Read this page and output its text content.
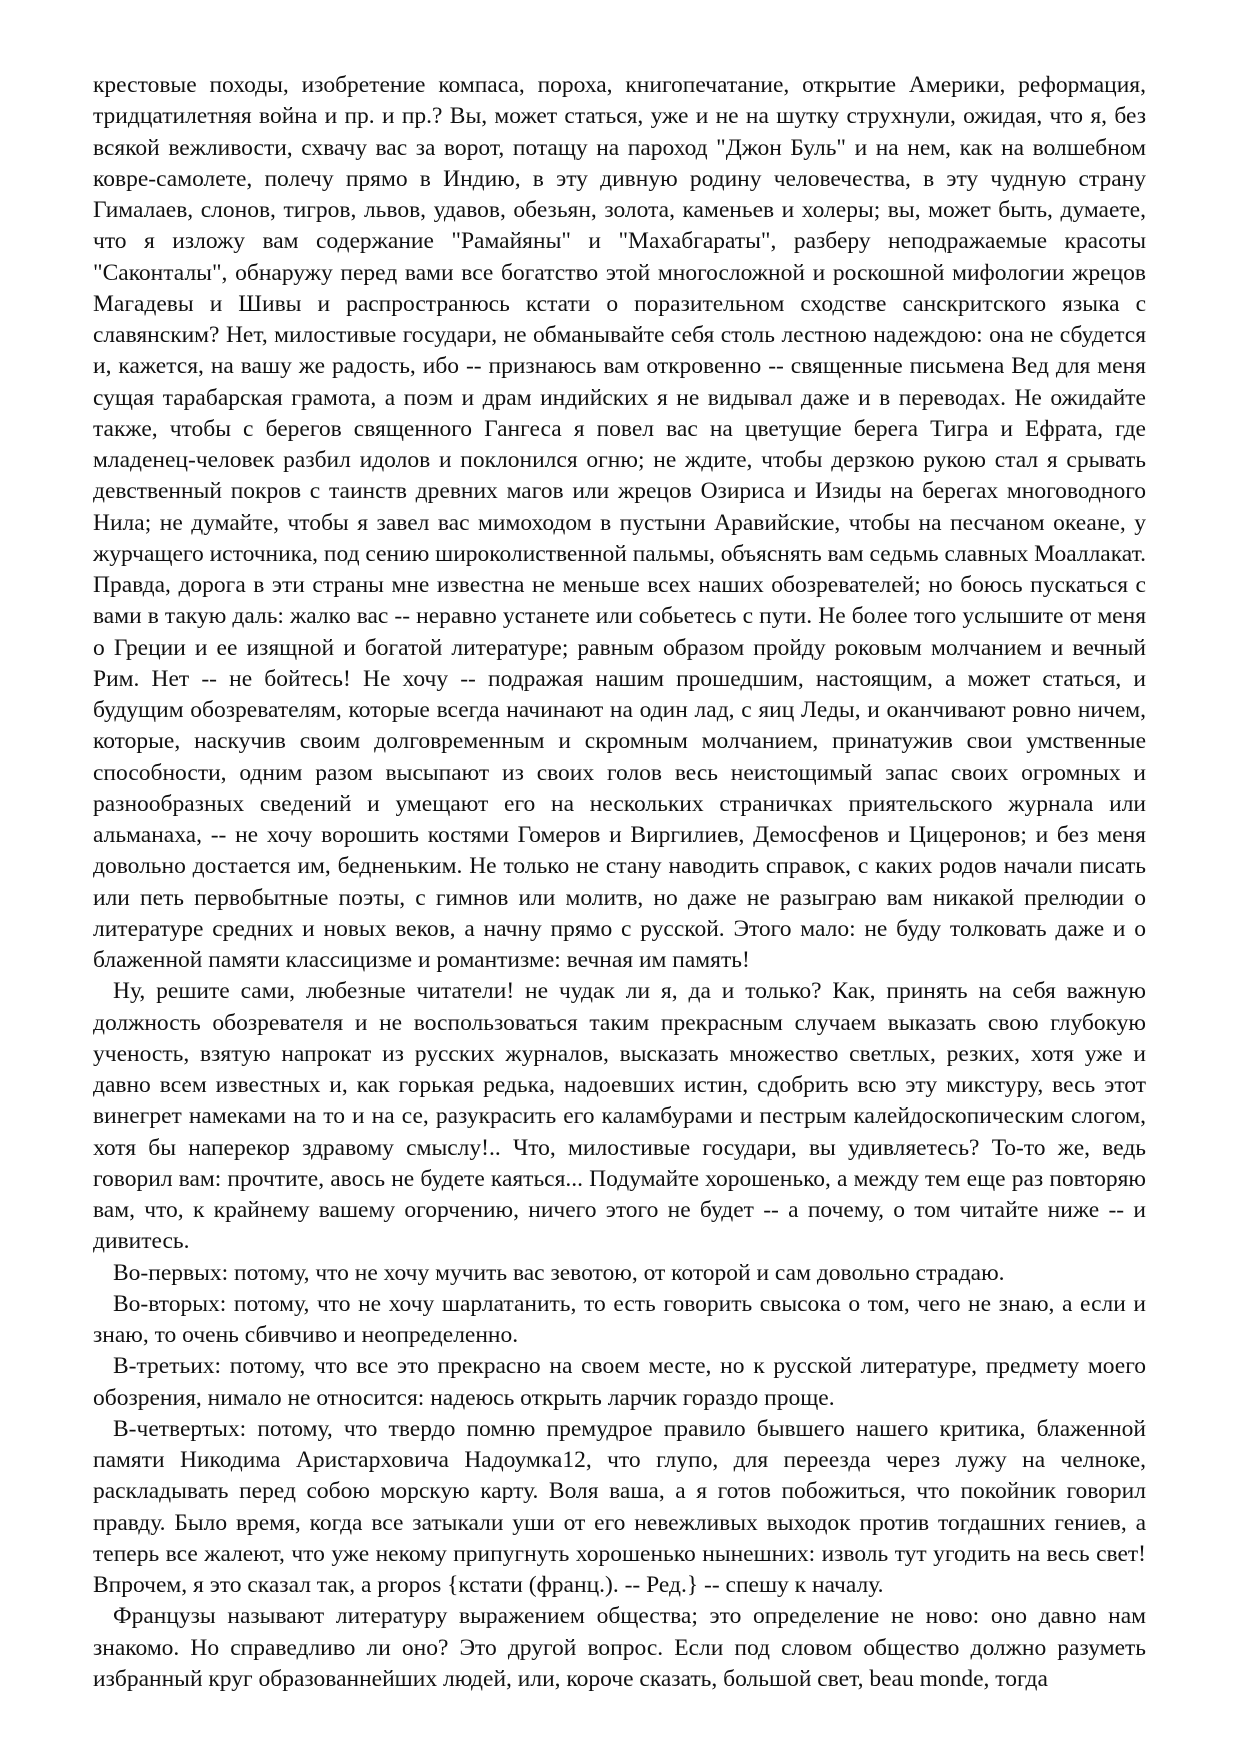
крестовые походы, изобретение компаса, пороха, книгопечатание, открытие Америки, реформация, тридцатилетняя война и пр. и пр.? Вы, может статься, уже и не на шутку струхнули, ожидая, что я, без всякой вежливости, схвачу вас за ворот, потащу на пароход "Джон Буль" и на нем, как на волшебном ковре-самолете, полечу прямо в Индию, в эту дивную родину человечества, в эту чудную страну Гималаев, слонов, тигров, львов, удавов, обезьян, золота, каменьев и холеры; вы, может быть, думаете, что я изложу вам содержание "Рамайяны" и "Махабгараты", разберу неподражаемые красоты "Саконталы", обнаружу перед вами все богатство этой многосложной и роскошной мифологии жрецов Магадевы и Шивы и распространюсь кстати о поразительном сходстве санскритского языка с славянским? Нет, милостивые государи, не обманывайте себя столь лестною надеждою: она не сбудется и, кажется, на вашу же радость, ибо -- признаюсь вам откровенно -- священные письмена Вед для меня сущая тарабарская грамота, а поэм и драм индийских я не видывал даже и в переводах. Не ожидайте также, чтобы с берегов священного Гангеса я повел вас на цветущие берега Тигра и Ефрата, где младенец-человек разбил идолов и поклонился огню; не ждите, чтобы дерзкою рукою стал я срывать девственный покров с таинств древних магов или жрецов Озириса и Изиды на берегах многоводного Нила; не думайте, чтобы я завел вас мимоходом в пустыни Аравийские, чтобы на песчаном океане, у журчащего источника, под сению широколиственной пальмы, объяснять вам седьмь славных Моаллакат. Правда, дорога в эти страны мне известна не меньше всех наших обозревателей; но боюсь пускаться с вами в такую даль: жалко вас -- неравно устанете или собьетесь с пути. Не более того услышите от меня о Греции и ее изящной и богатой литературе; равным образом пройду роковым молчанием и вечный Рим. Нет -- не бойтесь! Не хочу -- подражая нашим прошедшим, настоящим, а может статься, и будущим обозревателям, которые всегда начинают на один лад, с яиц Леды, и оканчивают ровно ничем, которые, наскучив своим долговременным и скромным молчанием, принатужив свои умственные способности, одним разом высыпают из своих голов весь неистощимый запас своих огромных и разнообразных сведений и умещают его на нескольких страничках приятельского журнала или альманаха, -- не хочу ворошить костями Гомеров и Виргилиев, Демосфенов и Цицеронов; и без меня довольно достается им, бедненьким. Не только не стану наводить справок, с каких родов начали писать или петь первобытные поэты, с гимнов или молитв, но даже не разыграю вам никакой прелюдии о литературе средних и новых веков, а начну прямо с русской. Этого мало: не буду толковать даже и о блаженной памяти классицизме и романтизме: вечная им память!

Ну, решите сами, любезные читатели! не чудак ли я, да и только? Как, принять на себя важную должность обозревателя и не воспользоваться таким прекрасным случаем выказать свою глубокую ученость, взятую напрокат из русских журналов, высказать множество светлых, резких, хотя уже и давно всем известных и, как горькая редька, надоевших истин, сдобрить всю эту микстуру, весь этот винегрет намеками на то и на се, разукрасить его каламбурами и пестрым калейдоскопическим слогом, хотя бы наперекор здравому смыслу!.. Что, милостивые государи, вы удивляетесь? То-то же, ведь говорил вам: прочтите, авось не будете каяться... Подумайте хорошенько, а между тем еще раз повторяю вам, что, к крайнему вашему огорчению, ничего этого не будет -- а почему, о том читайте ниже -- и дивитесь.

Во-первых: потому, что не хочу мучить вас зевотою, от которой и сам довольно страдаю.

Во-вторых: потому, что не хочу шарлатанить, то есть говорить свысока о том, чего не знаю, а если и знаю, то очень сбивчиво и неопределенно.

В-третьих: потому, что все это прекрасно на своем месте, но к русской литературе, предмету моего обозрения, нимало не относится: надеюсь открыть ларчик гораздо проще.

В-четвертых: потому, что твердо помню премудрое правило бывшего нашего критика, блаженной памяти Никодима Аристарховича Надоумка12, что глупо, для переезда через лужу на челноке, раскладывать перед собою морскую карту. Воля ваша, а я готов побожиться, что покойник говорил правду. Было время, когда все затыкали уши от его невежливых выходок против тогдашних гениев, а теперь все жалеют, что уже некому припугнуть хорошенько нынешних: изволь тут угодить на весь свет! Впрочем, я это сказал так, a propos {кстати (франц.). -- Ред.} -- спешу к началу.

Французы называют литературу выражением общества; это определение не ново: оно давно нам знакомо. Но справедливо ли оно? Это другой вопрос. Если под словом общество должно разуметь избранный круг образованнейших людей, или, короче сказать, большой свет, beau monde, тогда
